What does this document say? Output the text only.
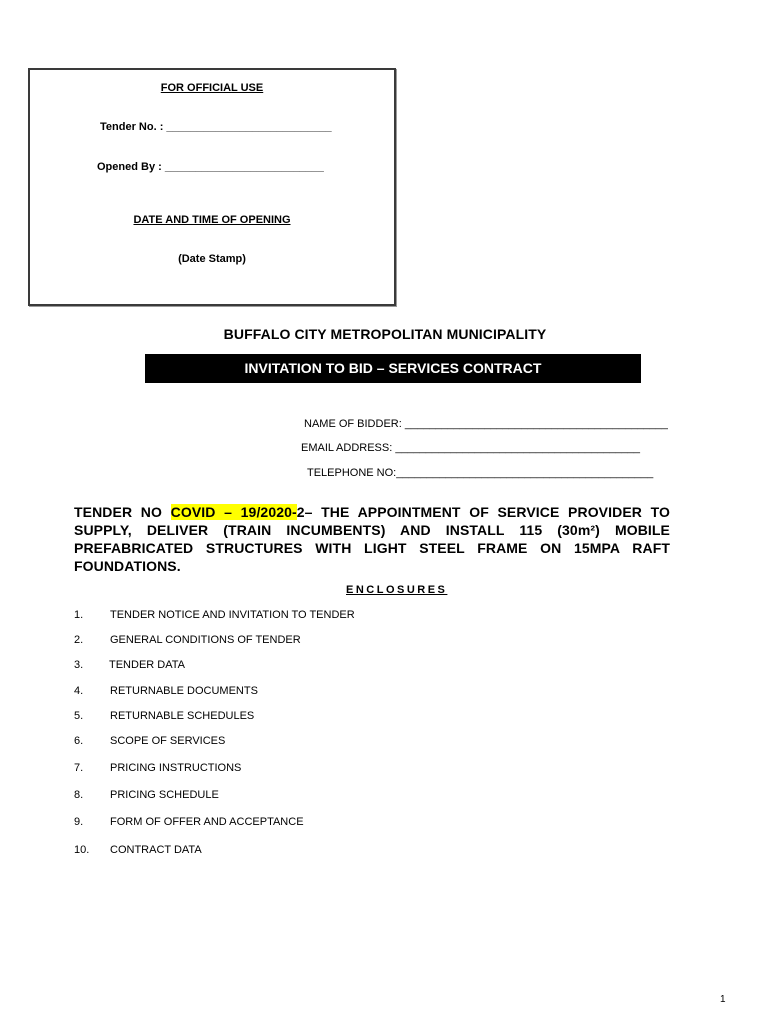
FOR OFFICIAL USE
Tender No. : ___________________________
Opened By : __________________________
DATE AND TIME OF OPENING
(Date Stamp)
BUFFALO CITY METROPOLITAN MUNICIPALITY
INVITATION TO BID – SERVICES CONTRACT
NAME OF BIDDER: ___________________________________________
EMAIL ADDRESS: ________________________________________
TELEPHONE NO:__________________________________________
TENDER NO COVID – 19/2020-2– THE APPOINTMENT OF SERVICE PROVIDER TO
SUPPLY, DELIVER (TRAIN INCUMBENTS) AND INSTALL 115 (30m²) MOBILE
PREFABRICATED STRUCTURES WITH LIGHT STEEL FRAME ON 15MPA RAFT
FOUNDATIONS.
ENCLOSURES
1. TENDER NOTICE AND INVITATION TO TENDER
2. GENERAL CONDITIONS OF TENDER
3. TENDER DATA
4. RETURNABLE DOCUMENTS
5. RETURNABLE SCHEDULES
6. SCOPE OF SERVICES
7. PRICING INSTRUCTIONS
8. PRICING SCHEDULE
9. FORM OF OFFER AND ACCEPTANCE
10. CONTRACT DATA
1
